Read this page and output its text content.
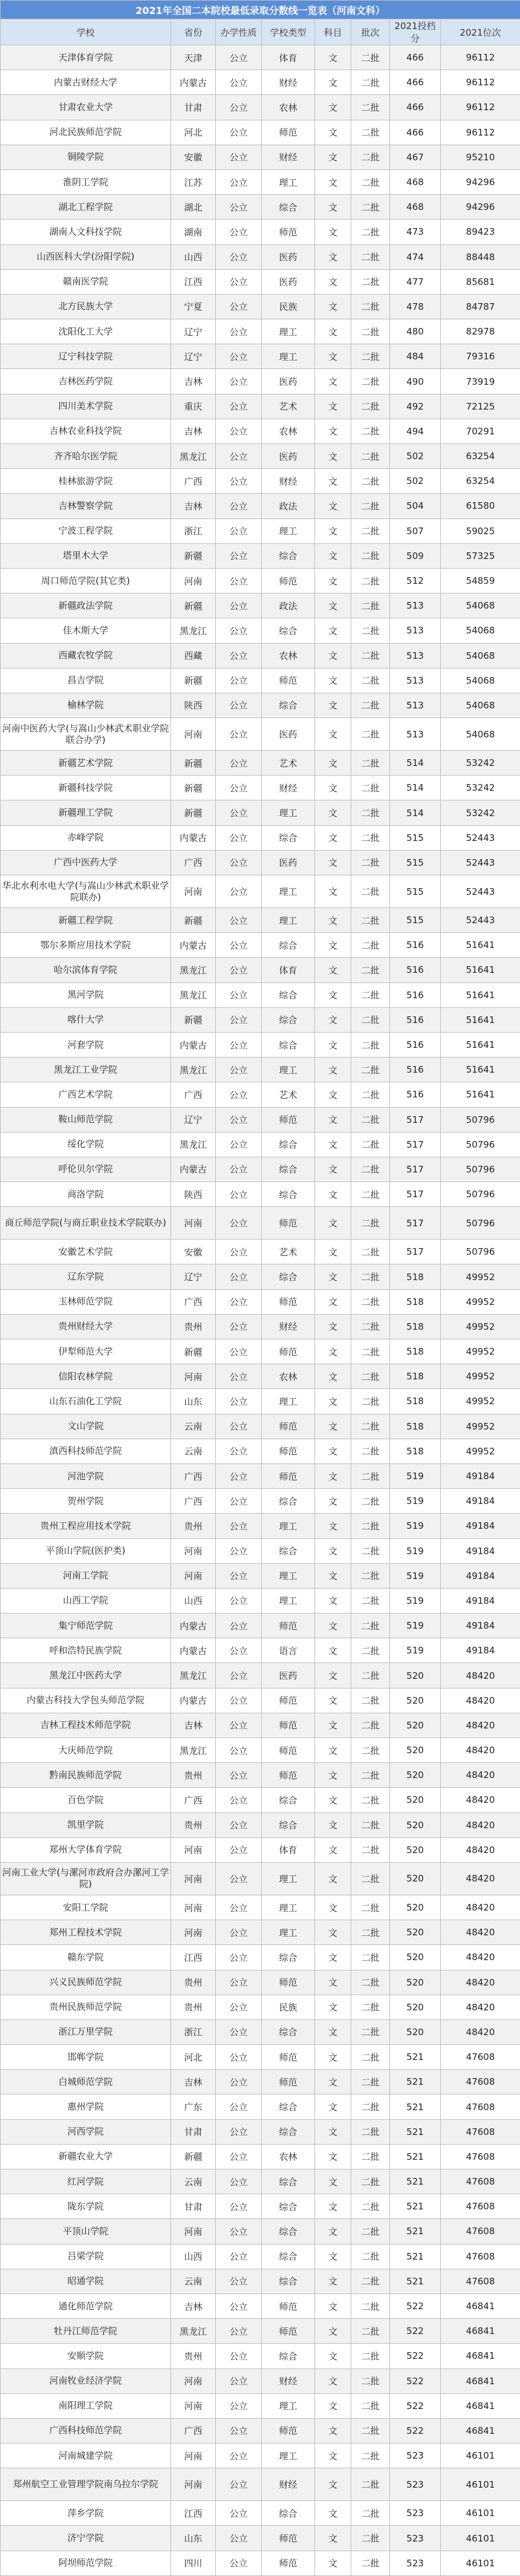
2021年全国二本院校最低录取分数线一览表（河南文科）							
学校	省份	办学性质	学校类型	科目	批次	2021投档分	2021位次
天津体育学院	天津	公立	体育	文	二批	466	96112
内蒙古财经大学	内蒙古	公立	财经	文	二批	466	96112
甘肃农业大学	甘肃	公立	农林	文	二批	466	96112
河北民族师范学院	河北	公立	师范	文	二批	466	96112
铜陵学院	安徽	公立	财经	文	二批	467	95210
淮阴工学院	江苏	公立	理工	文	二批	468	94296
湖北工程学院	湖北	公立	综合	文	二批	468	94296
湖南人文科技学院	湖南	公立	师范	文	二批	473	89423
山西医科大学(汾阳学院)	山西	公立	医药	文	二批	474	88448
赣南医学院	江西	公立	医药	文	二批	477	85681
北方民族大学	宁夏	公立	民族	文	二批	478	84787
沈阳化工大学	辽宁	公立	理工	文	二批	480	82978
辽宁科技学院	辽宁	公立	理工	文	二批	484	79316
吉林医药学院	吉林	公立	医药	文	二批	490	73919
四川美术学院	重庆	公立	艺术	文	二批	492	72125
吉林农业科技学院	吉林	公立	农林	文	二批	494	70291
齐齐哈尔医学院	黑龙江	公立	医药	文	二批	502	63254
桂林旅游学院	广西	公立	财经	文	二批	502	63254
吉林警察学院	吉林	公立	政法	文	二批	504	61580
宁波工程学院	浙江	公立	理工	文	二批	507	59025
塔里木大学	新疆	公立	综合	文	二批	509	57325
周口师范学院(其它类)	河南	公立	师范	文	二批	512	54859
新疆政法学院	新疆	公立	政法	文	二批	513	54068
佳木斯大学	黑龙江	公立	综合	文	二批	513	54068
西藏农牧学院	西藏	公立	农林	文	二批	513	54068
昌吉学院	新疆	公立	师范	文	二批	513	54068
榆林学院	陕西	公立	综合	文	二批	513	54068
河南中医药大学(与嵩山少林武术职业学院联合办学)	河南	公立	医药	文	二批	513	54068
新疆艺术学院	新疆	公立	艺术	文	二批	514	53242
新疆科技学院	新疆	公立	财经	文	二批	514	53242
新疆理工学院	新疆	公立	理工	文	二批	514	53242
赤峰学院	内蒙古	公立	综合	文	二批	515	52443
广西中医药大学	广西	公立	医药	文	二批	515	52443
华北水利水电大学(与嵩山少林武术职业学院联办)	河南	公立	理工	文	二批	515	52443
新疆工程学院	新疆	公立	理工	文	二批	515	52443
鄂尔多斯应用技术学院	内蒙古	公立	综合	文	二批	516	51641
哈尔滨体育学院	黑龙江	公立	体育	文	二批	516	51641
黑河学院	黑龙江	公立	综合	文	二批	516	51641
喀什大学	新疆	公立	综合	文	二批	516	51641
河套学院	内蒙古	公立	综合	文	二批	516	51641
黑龙江工业学院	黑龙江	公立	理工	文	二批	516	51641
广西艺术学院	广西	公立	艺术	文	二批	516	51641
鞍山师范学院	辽宁	公立	师范	文	二批	517	50796
绥化学院	黑龙江	公立	综合	文	二批	517	50796
呼伦贝尔学院	内蒙古	公立	综合	文	二批	517	50796
商洛学院	陕西	公立	综合	文	二批	517	50796
商丘师范学院(与商丘职业技术学院联办)	河南	公立	师范	文	二批	517	50796
安徽艺术学院	安徽	公立	艺术	文	二批	517	50796
辽东学院	辽宁	公立	综合	文	二批	518	49952
玉林师范学院	广西	公立	师范	文	二批	518	49952
贵州财经大学	贵州	公立	财经	文	二批	518	49952
伊犁师范大学	新疆	公立	师范	文	二批	518	49952
信阳农林学院	河南	公立	农林	文	二批	518	49952
山东石油化工学院	山东	公立	理工	文	二批	518	49952
文山学院	云南	公立	师范	文	二批	518	49952
滇西科技师范学院	云南	公立	师范	文	二批	518	49952
河池学院	广西	公立	师范	文	二批	519	49184
贺州学院	广西	公立	综合	文	二批	519	49184
贵州工程应用技术学院	贵州	公立	理工	文	二批	519	49184
平顶山学院(医护类)	河南	公立	综合	文	二批	519	49184
河南工学院	河南	公立	理工	文	二批	519	49184
山西工学院	山西	公立	理工	文	二批	519	49184
集宁师范学院	内蒙古	公立	师范	文	二批	519	49184
呼和浩特民族学院	内蒙古	公立	语言	文	二批	519	49184
黑龙江中医药大学	黑龙江	公立	医药	文	二批	520	48420
内蒙古科技大学包头师范学院	内蒙古	公立	师范	文	二批	520	48420
吉林工程技术师范学院	吉林	公立	师范	文	二批	520	48420
大庆师范学院	黑龙江	公立	师范	文	二批	520	48420
黔南民族师范学院	贵州	公立	师范	文	二批	520	48420
百色学院	广西	公立	综合	文	二批	520	48420
凯里学院	贵州	公立	综合	文	二批	520	48420
郑州大学体育学院	河南	公立	体育	文	二批	520	48420
河南工业大学(与漯河市政府合办漯河工学院)	河南	公立	理工	文	二批	520	48420
安阳工学院	河南	公立	理工	文	二批	520	48420
郑州工程技术学院	河南	公立	理工	文	二批	520	48420
赣东学院	江西	公立	综合	文	二批	520	48420
兴义民族师范学院	贵州	公立	师范	文	二批	520	48420
贵州民族师范学院	贵州	公立	民族	文	二批	520	48420
浙江万里学院	浙江	公立	综合	文	二批	520	48420
邯郸学院	河北	公立	师范	文	二批	521	47608
白城师范学院	吉林	公立	师范	文	二批	521	47608
惠州学院	广东	公立	综合	文	二批	521	47608
河西学院	甘肃	公立	综合	文	二批	521	47608
新疆农业大学	新疆	公立	农林	文	二批	521	47608
红河学院	云南	公立	综合	文	二批	521	47608
陇东学院	甘肃	公立	综合	文	二批	521	47608
平顶山学院	河南	公立	综合	文	二批	521	47608
吕梁学院	山西	公立	综合	文	二批	521	47608
昭通学院	云南	公立	综合	文	二批	521	47608
通化师范学院	吉林	公立	师范	文	二批	522	46841
牡丹江师范学院	黑龙江	公立	师范	文	二批	522	46841
安顺学院	贵州	公立	综合	文	二批	522	46841
河南牧业经济学院	河南	公立	财经	文	二批	522	46841
南阳理工学院	河南	公立	理工	文	二批	522	46841
广西科技师范学院	广西	公立	师范	文	二批	522	46841
河南城建学院	河南	公立	理工	文	二批	523	46101
郑州航空工业管理学院南乌拉尔学院	河南	公立	财经	文	二批	523	46101
萍乡学院	江西	公立	综合	文	二批	523	46101
济宁学院	山东	公立	师范	文	二批	523	46101
阿坝师范学院	四川	公立	师范	文	二批	523	46101
